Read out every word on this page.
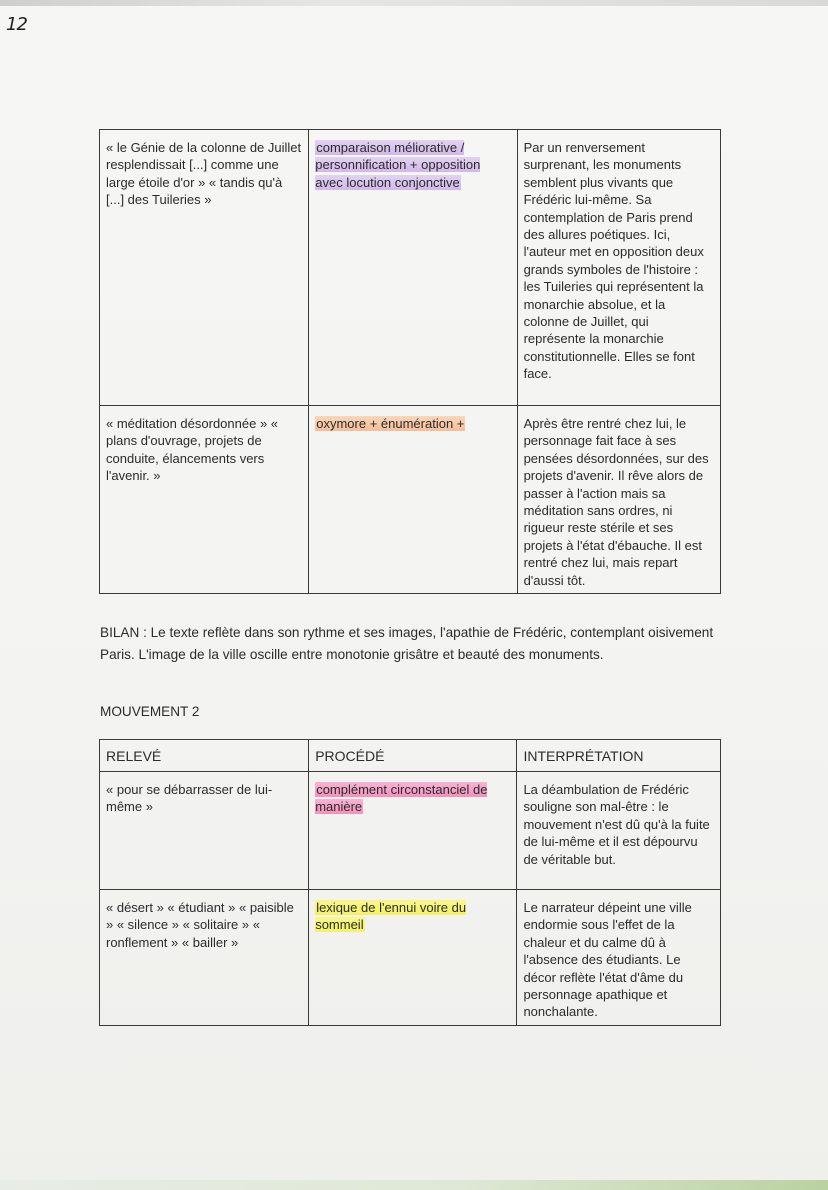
12
« le Génie de la colonne de Juillet resplendissait [...] comme une large étoile d'or » « tandis qu'à [...] des Tuileries »	comparaison méliorative / personnification + opposition avec locution conjonctive	Par un renversement surprenant, les monuments semblent plus vivants que Frédéric lui-même. Sa contemplation de Paris prend des allures poétiques. Ici, l'auteur met en opposition deux grands symboles de l'histoire : les Tuileries qui représentent la monarchie absolue, et la colonne de Juillet, qui représente la monarchie constitutionnelle. Elles se font face.
« méditation désordonnée » « plans d'ouvrage, projets de conduite, élancements vers l'avenir. »	oxymore + énumération +	Après être rentré chez lui, le personnage fait face à ses pensées désordonnées, sur des projets d'avenir. Il rêve alors de passer à l'action mais sa méditation sans ordres, ni rigueur reste stérile et ses projets à l'état d'ébauche. Il est rentré chez lui, mais repart d'aussi tôt.
BILAN : Le texte reflète dans son rythme et ses images, l'apathie de Frédéric, contemplant oisivement Paris. L'image de la ville oscille entre monotonie grisâtre et beauté des monuments.
MOUVEMENT 2
RELEVÉ	PROCÉDÉ	INTERPRÉTATION
« pour se débarrasser de lui-même »	complément circonstanciel de manière	La déambulation de Frédéric souligne son mal-être : le mouvement n'est dû qu'à la fuite de lui-même et il est dépourvu de véritable but.
« désert » « étudiant » « paisible » « silence » « solitaire » « ronflement » « bailler »	lexique de l'ennui voire du sommeil	Le narrateur dépeint une ville endormie sous l'effet de la chaleur et du calme dû à l'absence des étudiants. Le décor reflète l'état d'âme du personnage apathique et nonchalante.
